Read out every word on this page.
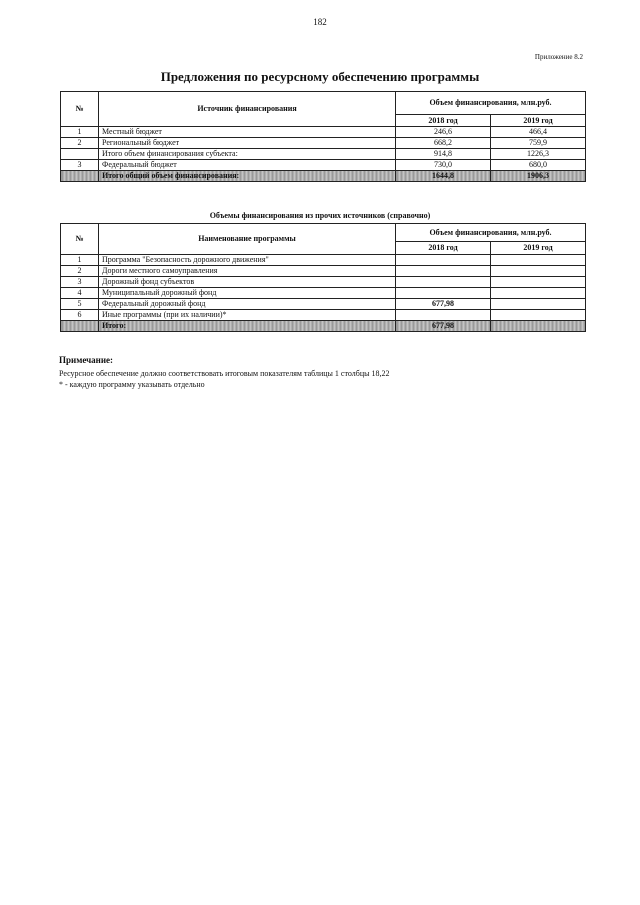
182
Приложение 8.2
Предложения по ресурсному обеспечению программы
№	Источник финансирования	Объем финансирования, млн.руб.	
		2018 год	2019 год
1	Местный бюджет	246,6	466,4
2	Региональный бюджет	668,2	759,9
	Итого объем финансирования субъекта:	914,8	1226,3
3	Федеральный бюджет	730,0	680,0
	Итого общий объем финансирования:	1644,8	1906,3
Объемы финансирования из прочих источников (справочно)
№	Наименование программы	Объем финансирования, млн.руб.	
		2018 год	2019 год
1	Программа "Безопасность дорожного движения"		
2	Дороги местного самоуправления		
3	Дорожный фонд субъектов		
4	Муниципальный дорожный фонд		
5	Федеральный дорожный фонд	677,98	
6	Иные программы (при их наличии)*		
	Итого:	677,98	
Примечание:
Ресурсное обеспечение должно соответствовать итоговым показателям таблицы 1 столбцы 18,22
* - каждую программу указывать отдельно
